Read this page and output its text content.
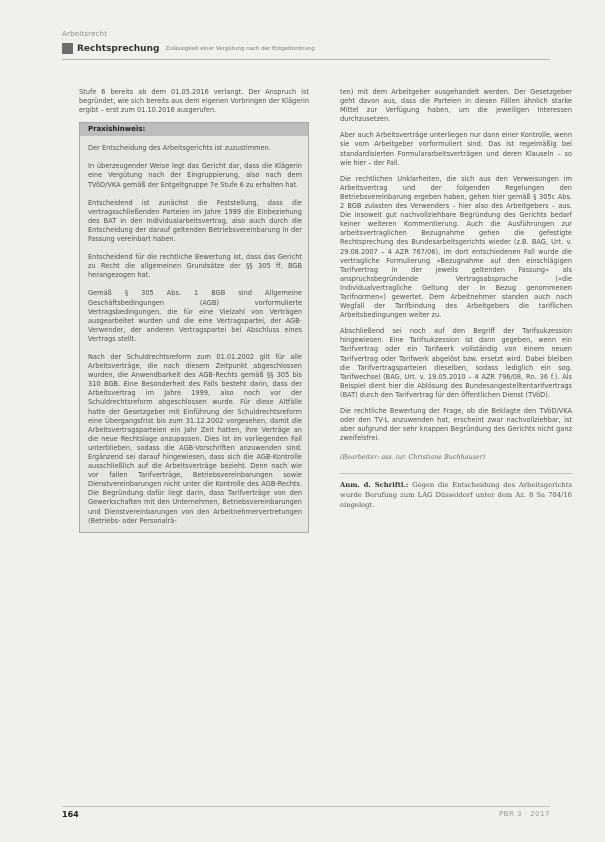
Arbeitsrecht
Rechtsprechung Zulässigkeit einer Vergütung nach der Entgeltordnung

Stufe 6 bereits ab dem 01.05.2016 verlangt. Der Anspruch ist begründet, wie sich bereits aus dem eigenen Vorbringen der Klägerin ergibt – erst zum 01.10.2016 ausgerufen.

Praxishinweis:

Der Entscheidung des Arbeitsgerichts ist zuzustimmen.

In überzeugender Weise legt das Gericht dar, dass die Klägerin eine Vergütung nach der Eingruppierung, also nach dem TVöD/VKA gemäß der Entgeltgruppe 7e Stufe 6 zu erhalten hat.

Entscheidend ist zunächst die Feststellung, dass die vertragsschließenden Parteien im Jahre 1999 die Einbeziehung des BAT in den Individualarbeitsvertrag, also auch durch die Entscheidung der darauf geltenden Betriebsvereinbarung in der Fassung vereinbart haben.

Entscheidend für die rechtliche Bewertung ist, dass das Gericht zu Recht die allgemeinen Grundsätze der §§ 305 ff. BGB herangezogen hat.

Gemäß § 305 Abs. 1 BGB sind Allgemeine Geschäftsbedingungen (AGB) vorformulierte Vertragsbedingungen, die für eine Vielzahl von Verträgen ausgearbeitet wurden und die eine Vertragspartei, der AGB-Verwender, der anderen Vertragspartei bei Abschluss eines Vertrags stellt.

Nach der Schuldrechtsreform zum 01.01.2002 gilt für alle Arbeitsverträge, die nach diesem Zeitpunkt abgeschlossen wurden, die Anwendbarkeit des AGB-Rechts gemäß §§ 305 bis 310 BGB. Eine Besonderheit des Falls besteht darin, dass der Arbeitsvertrag im Jahre 1999, also noch vor der Schuldrechtsreform abgeschlossen wurde. Für diese Altfälle hatte der Gesetzgeber mit Einführung der Schuldrechtsreform eine Übergangsfrist bis zum 31.12.2002 vorgesehen, damit die Arbeitsvertragsparteien ein Jahr Zeit hatten, ihre Verträge an die neue Rechtslage anzupassen. Dies ist im vorliegenden Fall unterblieben, sodass die AGB-Vorschriften anzuwenden sind. Ergänzend sei darauf hingewiesen, dass sich die AGB-Kontrolle ausschließlich auf die Arbeitsverträge bezieht. Denn nach wie vor fallen Tarifverträge, Betriebsvereinbarungen sowie Dienstvereinbarungen nicht unter die Kontrolle des AGB-Rechts. Die Begründung dafür liegt darin, dass Tarifverträge von den Gewerkschaften mit den Unternehmen, Betriebsvereinbarungen und Dienstvereinbarungen von den Arbeitnehmervertretungen (Betriebs- oder Personalrä-

ten) mit dem Arbeitgeber ausgehandelt werden. Der Gesetzgeber geht davon aus, dass die Parteien in diesen Fällen ähnlich starke Mittel zur Verfügung haben, um die jeweiligen Interessen durchzusetzen.

Aber auch Arbeitsverträge unterliegen nur dann einer Kontrolle, wenn sie vom Arbeitgeber vorformuliert sind. Das ist regelmäßig bei standardisierten Formulararbeitsverträgen und deren Klauseln – so wie hier – der Fall.

Die rechtlichen Unklarheiten, die sich aus den Verweisungen im Arbeitsvertrag und der folgenden Regelungen den Betriebsvereinbarung ergeben haben, gehen hier gemäß § 305c Abs. 2 BGB zulasten des Verwenders – hier also des Arbeitgebers – aus. Die insoweit gut nachvollziehbare Begründung des Gerichts bedarf keiner weiteren Kommentierung. Auch die Ausführungen zur arbeitsvertraglichen Bezugnahme gehen die gefestigte Rechtsprechung des Bundesarbeitsgerichts wieder (z.B. BAG, Urt. v. 29.08.2007 – 4 AZR 767/06), im dort entschiedenen Fall wurde die vertragliche Formulierung »Bezugnahme auf den einschlägigen Tarifvertrag in der jeweils geltenden Fassung« als anspruchsbegründende Vertragsabsprache (»die Individualvertragliche Geltung der in Bezug genommenen Tarifnormen«) gewertet. Dem Arbeitnehmer standen auch nach Wegfall der Tarifbindung des Arbeitgebers die tariflichen Arbeitsbedingungen weiter zu.

Abschließend sei noch auf den Begriff der Tarifsukzession hingewiesen. Eine Tarifsukzession ist dann gegeben, wenn ein Tarifvertrag oder ein Tarifwerk vollständig von einem neuen Tarifvertrag oder Tarifwerk abgelöst bzw. ersetzt wird. Dabei bleiben die Tarifvertragsparteien dieselben, sodass lediglich ein sog. Tarifwechsel (BAG, Urt. v. 19.05.2010 – 4 AZR 796/08, Rn. 36 f.). Als Beispiel dient hier die Ablösung des Bundesangestelltentarifvertrags (BAT) durch den Tarifvertrag für den öffentlichen Dienst (TVöD).

Die rechtliche Bewertung der Frage, ob die Beklagte den TVöD/VKA oder den TV-L anzuwenden hat, erscheint zwar nachvollziehbar, ist aber aufgrund der sehr knappen Begründung des Gerichts nicht ganz zweifelsfrei.

(Bearbeiter: ass. iur. Christiane Buchhauser)
Anm. d. Schriftl.: Gegen die Entscheidung des Arbeitsgerichts wurde Berufung zum LAG Düsseldorf unter dem Az. 8 Sa 704/16 eingelegt.
164	PBR 3 · 2017
